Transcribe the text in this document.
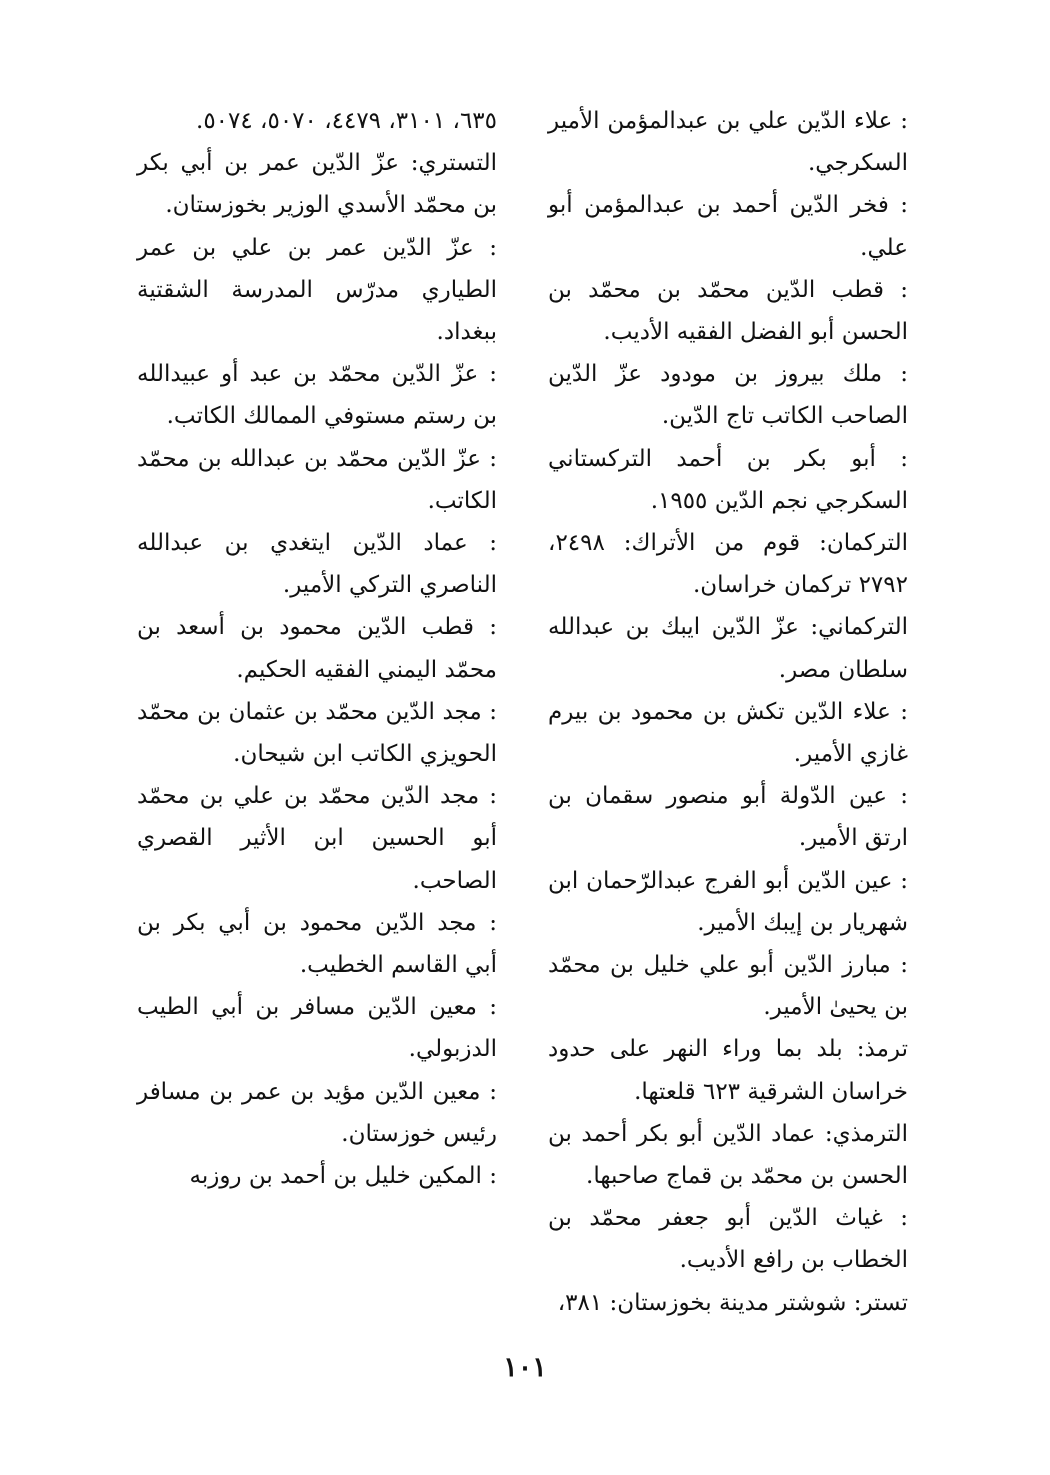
: علاء الدّين علي بن عبدالمؤمن الأمير السكرجي.

: فخر الدّين أحمد بن عبدالمؤمن أبو علي.

: قطب الدّين محمّد بن محمّد بن الحسن أبو الفضل الفقيه الأديب.

: ملك بيروز بن مودود عزّ الدّين الصاحب الكاتب تاج الدّين.

: أبو بكر بن أحمد التركستاني السكرجي نجم الدّين ١٩٥٥.

التركمان: قوم من الأتراك: ٢٤٩٨، ٢٧٩٢ تركمان خراسان.

التركماني: عزّ الدّين ايبك بن عبدالله سلطان مصر.

: علاء الدّين تكش بن محمود بن بيرم غازي الأمير.

: عين الدّولة أبو منصور سقمان بن ارتق الأمير.

: عين الدّين أبو الفرج عبدالرّحمان ابن شهريار بن إيبك الأمير.

: مبارز الدّين أبو علي خليل بن محمّد بن يحيىٰ الأمير.

ترمذ: بلد بما وراء النهر على حدود خراسان الشرقية ٦٢٣ قلعتها.

الترمذي: عماد الدّين أبو بكر أحمد بن الحسن بن محمّد بن قماج صاحبها.

: غياث الدّين أبو جعفر محمّد بن الخطاب بن رافع الأديب.

تستر: شوشتر مدينة بخوزستان: ٣٨١،

٦٣٥، ٣١٠١، ٤٤٧٩، ٥٠٧٠، ٥٠٧٤.

التستري: عزّ الدّين عمر بن أبي بكر بن محمّد الأسدي الوزير بخوزستان.

: عزّ الدّين عمر بن علي بن عمر الطياري مدرّس المدرسة الشقتية ببغداد.

: عزّ الدّين محمّد بن عبد أو عبيدالله بن رستم مستوفي الممالك الكاتب.

: عزّ الدّين محمّد بن عبدالله بن محمّد الكاتب.

: عماد الدّين ايتغدي بن عبدالله الناصري التركي الأمير.

: قطب الدّين محمود بن أسعد بن محمّد اليمني الفقيه الحكيم.

: مجد الدّين محمّد بن عثمان بن محمّد الحويزي الكاتب ابن شيحان.

: مجد الدّين محمّد بن علي بن محمّد أبو الحسين ابن الأثير القصري الصاحب.

: مجد الدّين محمود بن أبي بكر بن أبي القاسم الخطيب.

: معين الدّين مسافر بن أبي الطيب الدزبولي.

: معين الدّين مؤيد بن عمر بن مسافر رئيس خوزستان.

: المكين خليل بن أحمد بن روزبه

١٠١
